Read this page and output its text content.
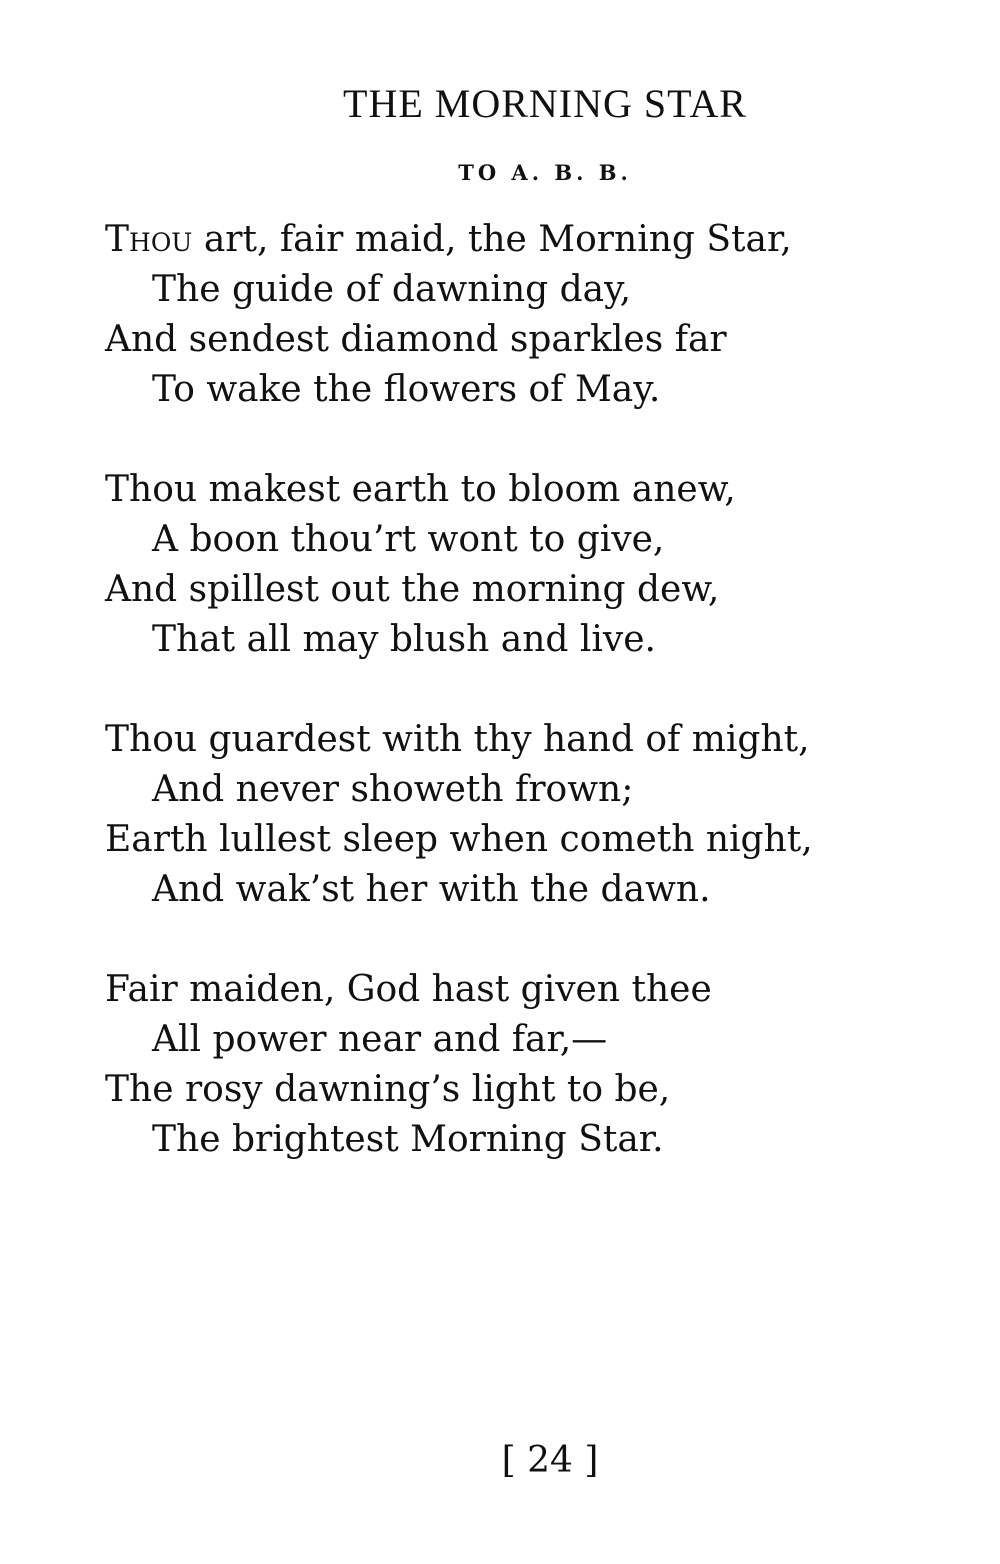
THE MORNING STAR
TO A. B. B.
Thou art, fair maid, the Morning Star,
The guide of dawning day,
And sendest diamond sparkles far
To wake the flowers of May.
Thou makest earth to bloom anew,
A boon thou’rt wont to give,
And spillest out the morning dew,
That all may blush and live.
Thou guardest with thy hand of might,
And never showeth frown;
Earth lullest sleep when cometh night,
And wak’st her with the dawn.
Fair maiden, God hast given thee
All power near and far,—
The rosy dawning’s light to be,
The brightest Morning Star.
[ 24 ]
